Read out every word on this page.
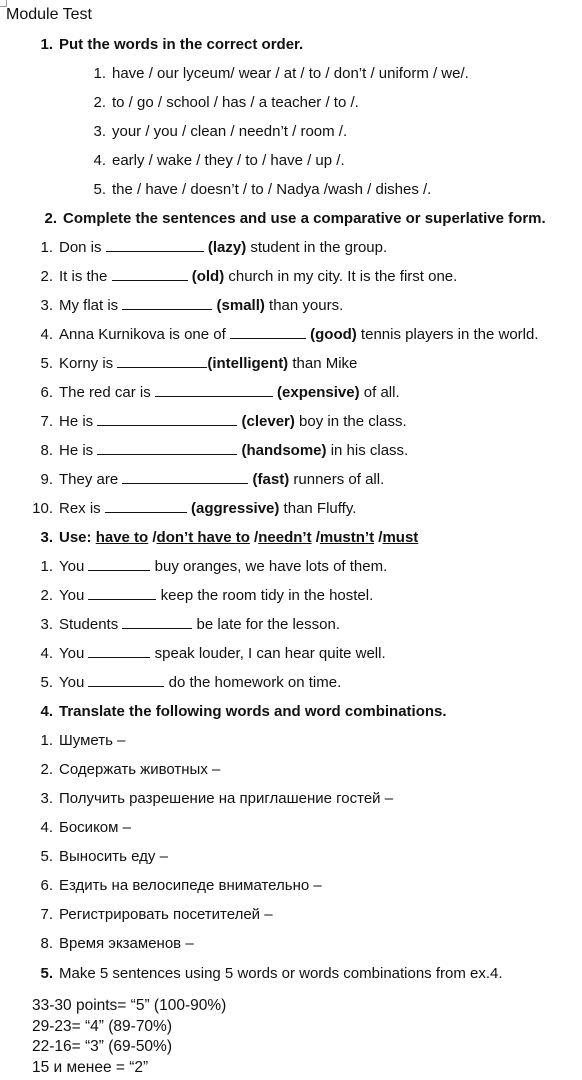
Module Test
1. Put the words in the correct order.
1. have / our lyceum/ wear / at / to / don’t / uniform / we/.
2. to / go / school / has / a teacher / to /.
3. your / you / clean / needn’t / room /.
4. early / wake / they / to / have / up /.
5. the / have / doesn’t / to / Nadya /wash / dishes /.
2. Complete the sentences and use a comparative or superlative form.
1. Don is	(lazy) student in the group.
2. It is the	(old) church in my city. It is the first one.
3. My flat is	(small) than yours.
4. Anna Kurnikova is one of	(good) tennis players in the world.
5. Korny is	(intelligent) than Mike
6. The red car is	(expensive) of all.
7. He is	(clever) boy in the class.
8. He is	(handsome) in his class.
9. They are	(fast) runners of all.
10. Rex is	(aggressive) than Fluffy.
3. Use: have to /don’t have to /needn’t /mustn’t /must
1. You	buy oranges, we have lots of them.
2. You	keep the room tidy in the hostel.
3. Students	be late for the lesson.
4. You	speak louder, I can hear quite well.
5. You	do the homework on time.
4. Translate the following words and word combinations.
1. Шуметь –
2. Содержать животных –
3. Получить разрешение на приглашение гостей –
4. Босиком –
5. Выносить еду –
6. Ездить на велосипеде внимательно –
7. Регистрировать посетителей –
8. Время экзаменов –
5. Make 5 sentences using 5 words or words combinations from ex.4.
33-30 points= “5” (100-90%)
29-23= “4” (89-70%)
22-16= “3” (69-50%)
15 и менее = “2”
